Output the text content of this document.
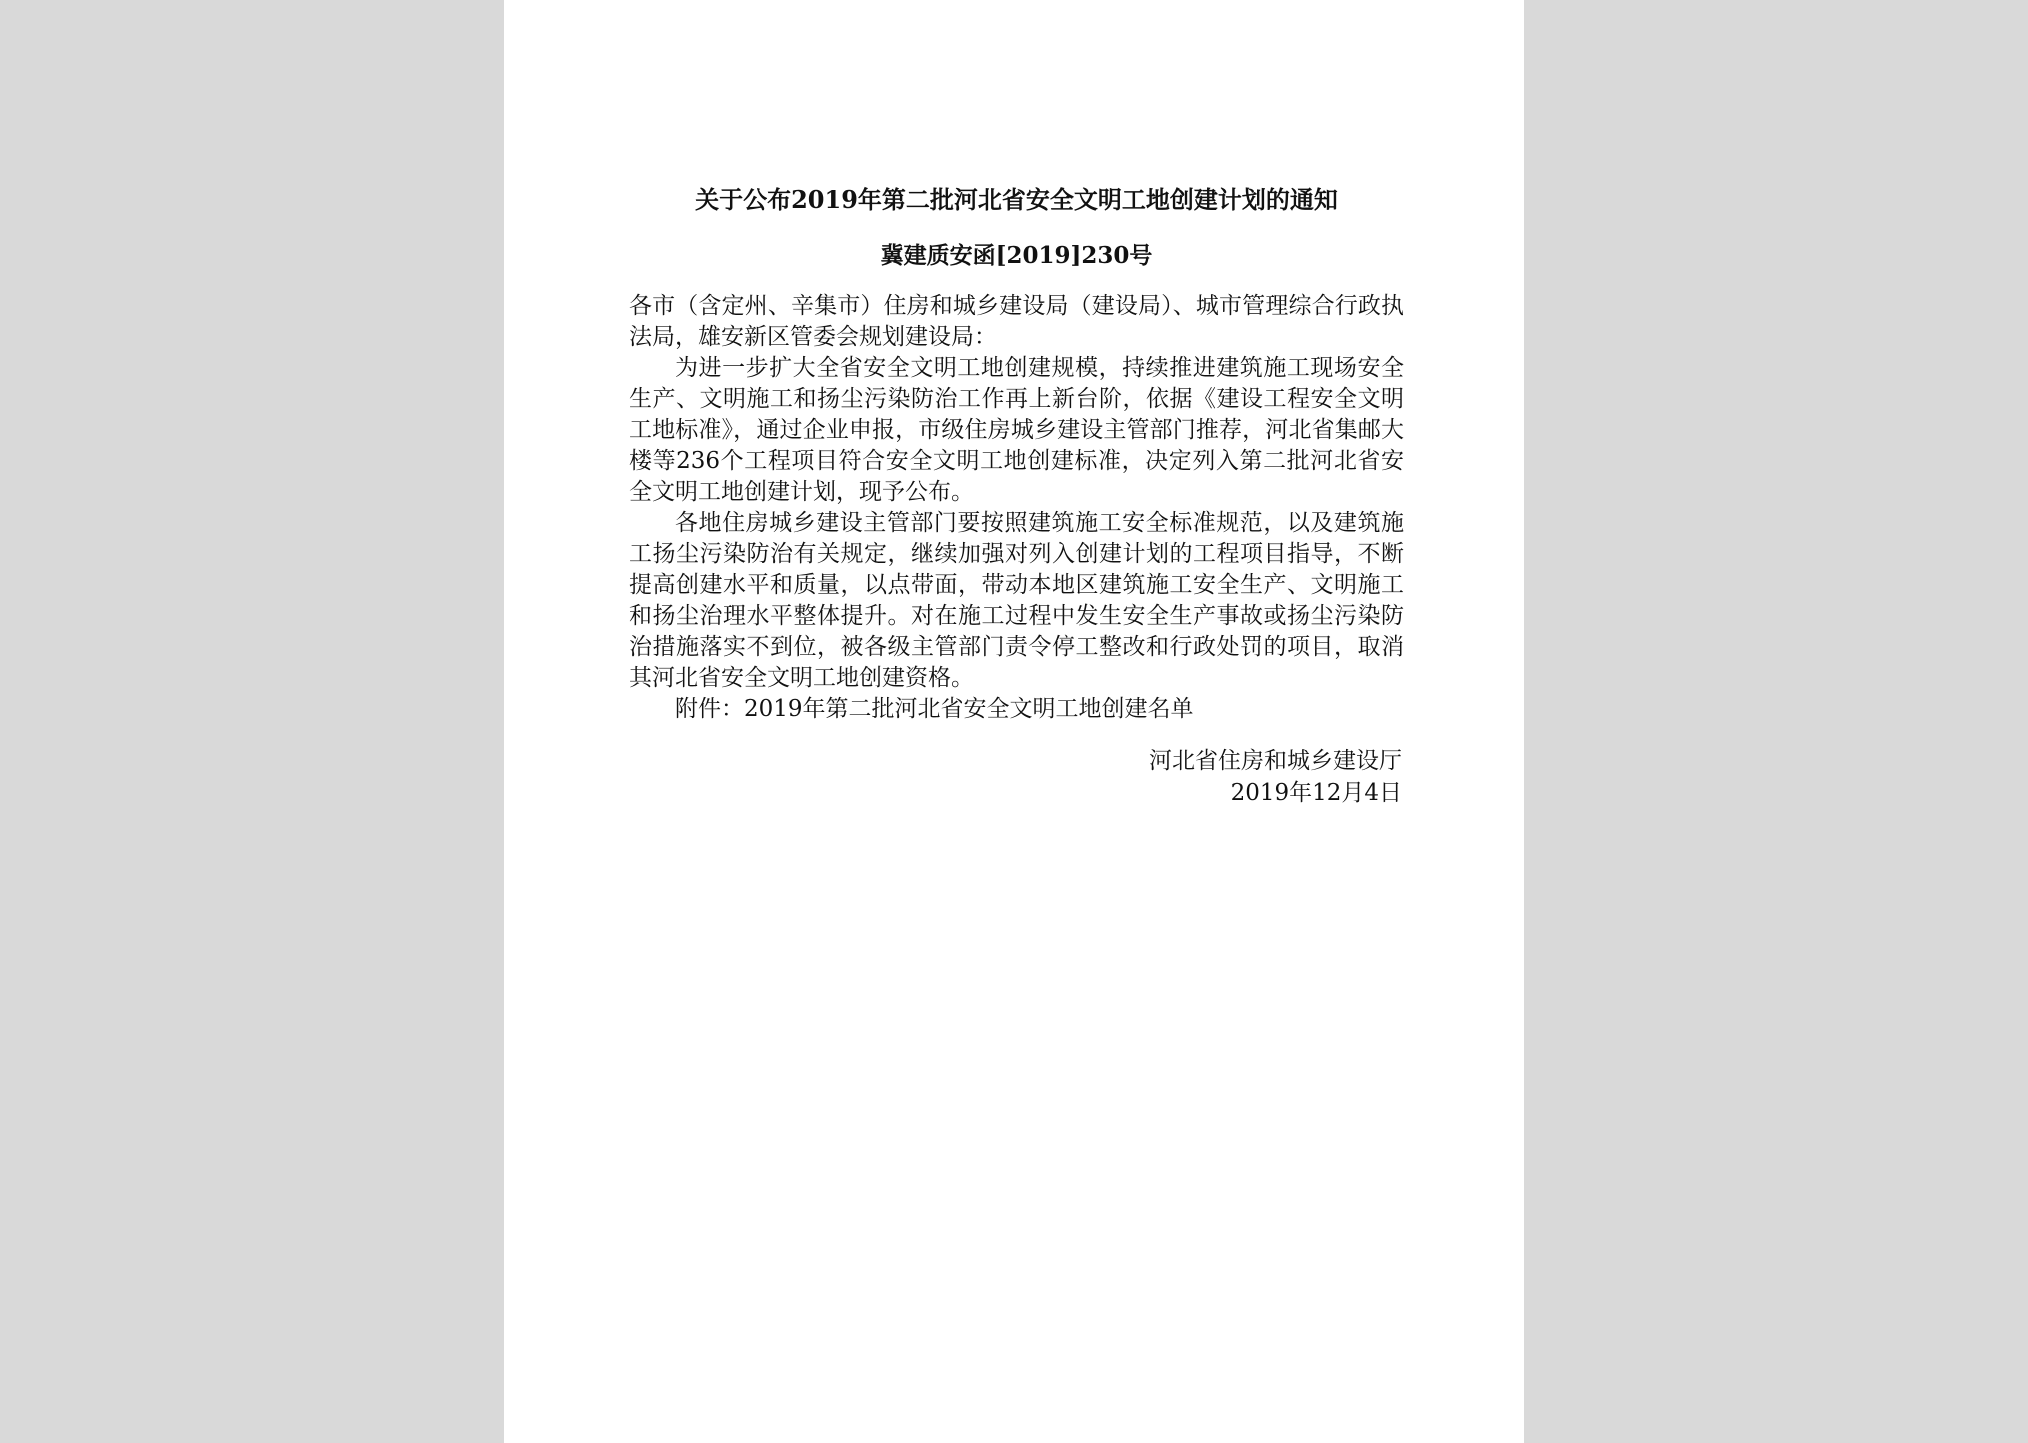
关于公布2019年第二批河北省安全文明工地创建计划的通知
冀建质安函[2019]230号

各市（含定州、辛集市）住房和城乡建设局（建设局）、城市管理综合行政执法局，雄安新区管委会规划建设局：

为进一步扩大全省安全文明工地创建规模，持续推进建筑施工现场安全生产、文明施工和扬尘污染防治工作再上新台阶，依据《建设工程安全文明工地标准》，通过企业申报，市级住房城乡建设主管部门推荐，河北省集邮大楼等236个工程项目符合安全文明工地创建标准，决定列入第二批河北省安全文明工地创建计划，现予公布。

各地住房城乡建设主管部门要按照建筑施工安全标准规范，以及建筑施工扬尘污染防治有关规定，继续加强对列入创建计划的工程项目指导，不断提高创建水平和质量，以点带面，带动本地区建筑施工安全生产、文明施工和扬尘治理水平整体提升。对在施工过程中发生安全生产事故或扬尘污染防治措施落实不到位，被各级主管部门责令停工整改和行政处罚的项目，取消其河北省安全文明工地创建资格。

附件：2019年第二批河北省安全文明工地创建名单

河北省住房和城乡建设厅
2019年12月4日
